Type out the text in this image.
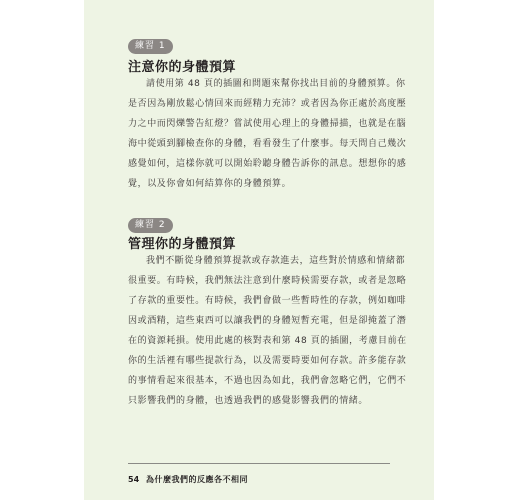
練習 1
注意你的身體預算
請使用第 48 頁的插圖和問題來幫你找出目前的身體預算。你
是否因為剛放鬆心情回來而經精力充沛？或者因為你正處於高度壓
力之中而閃爍警告紅燈？嘗試使用心理上的身體掃描，也就是在腦
海中從頭到腳檢查你的身體，看看發生了什麼事。每天問自己幾次
感覺如何，這樣你就可以開始聆聽身體告訴你的訊息。想想你的感
覺，以及你會如何結算你的身體預算。
練習 2
管理你的身體預算
我們不斷從身體預算提款或存款進去，這些對於情感和情緒都
很重要。有時候，我們無法注意到什麼時候需要存款，或者是忽略
了存款的重要性。有時候，我們會做一些暫時性的存款，例如咖啡
因或酒精，這些東西可以讓我們的身體短暫充電，但是卻掩蓋了潛
在的資源耗損。使用此處的核對表和第 48 頁的插圖，考慮目前在
你的生活裡有哪些提款行為，以及需要時要如何存款。許多能存款
的事情看起來很基本，不過也因為如此，我們會忽略它們，它們不
只影響我們的身體，也透過我們的感覺影響我們的情緒。
54 為什麼我們的反應各不相同
